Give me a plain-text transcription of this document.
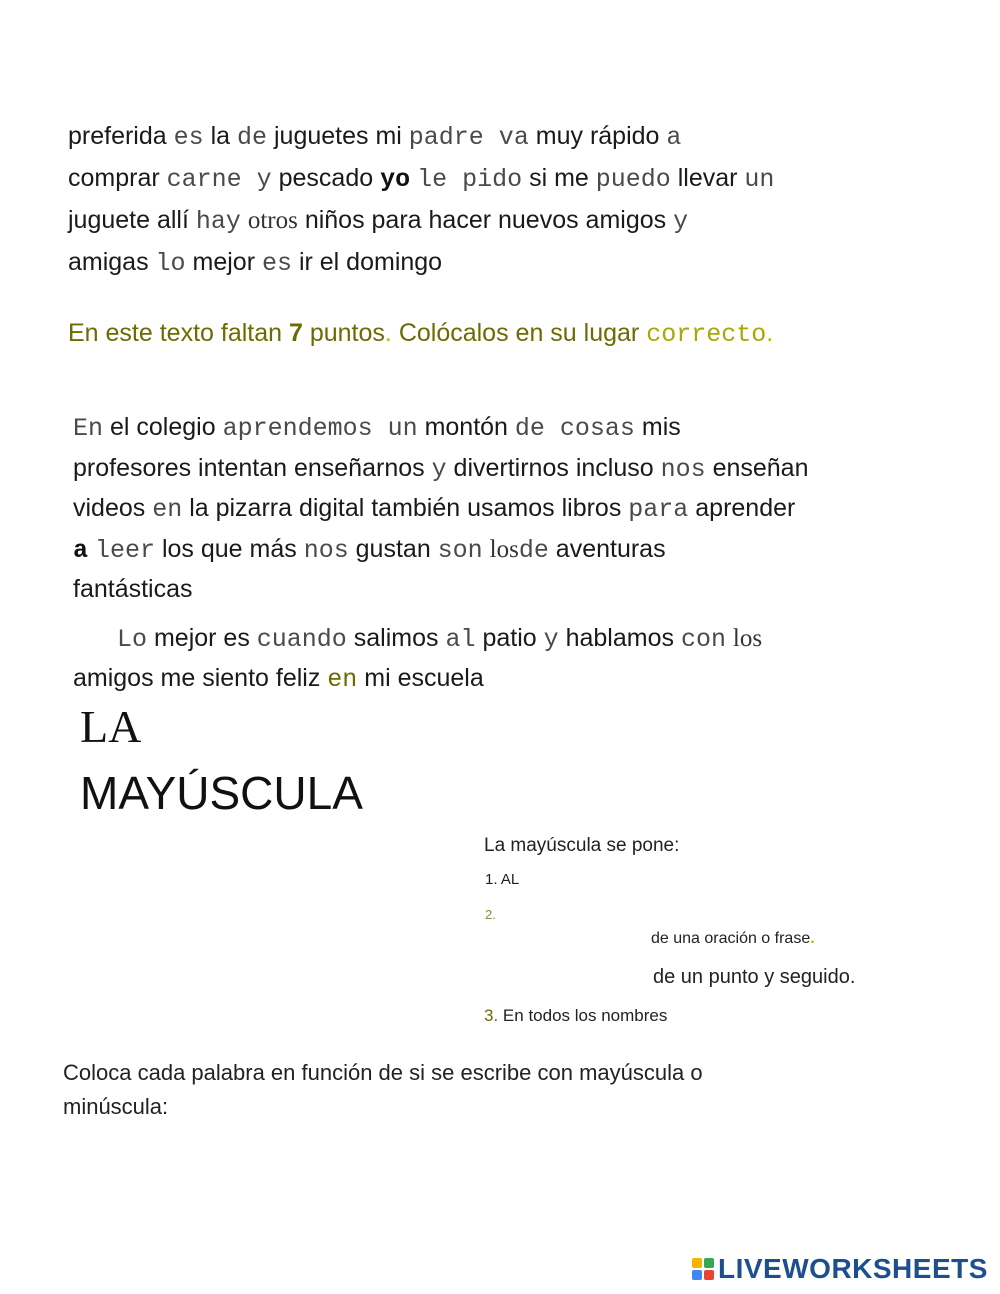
preferida es la de juguetes mi padre va muy rápido a
comprar carne y pescado yo le pido si me puedo llevar un
juguete allí hay otros niños para hacer nuevos amigos y
amigas lo mejor es ir el domingo
En este texto faltan 7 puntos. Colócalos en su lugar correcto.
En el colegio aprendemos un montón de cosas mis
profesores intentan enseñarnos y divertirnos incluso nos enseñan
videos en la pizarra digital también usamos libros para aprender
a leer los que más nos gustan son losde aventuras
fantásticas
Lo mejor es cuando salimos al patio y hablamos con los
amigos me siento feliz en mi escuela
LA
MAYÚSCULA
La mayúscula se pone:
1. AL
2.
de una oración o frase.
de un punto y seguido.
3. En todos los nombres
Coloca cada palabra en función de si se escribe con mayúscula o
minúscula:
LIVEWORKSHEETS
